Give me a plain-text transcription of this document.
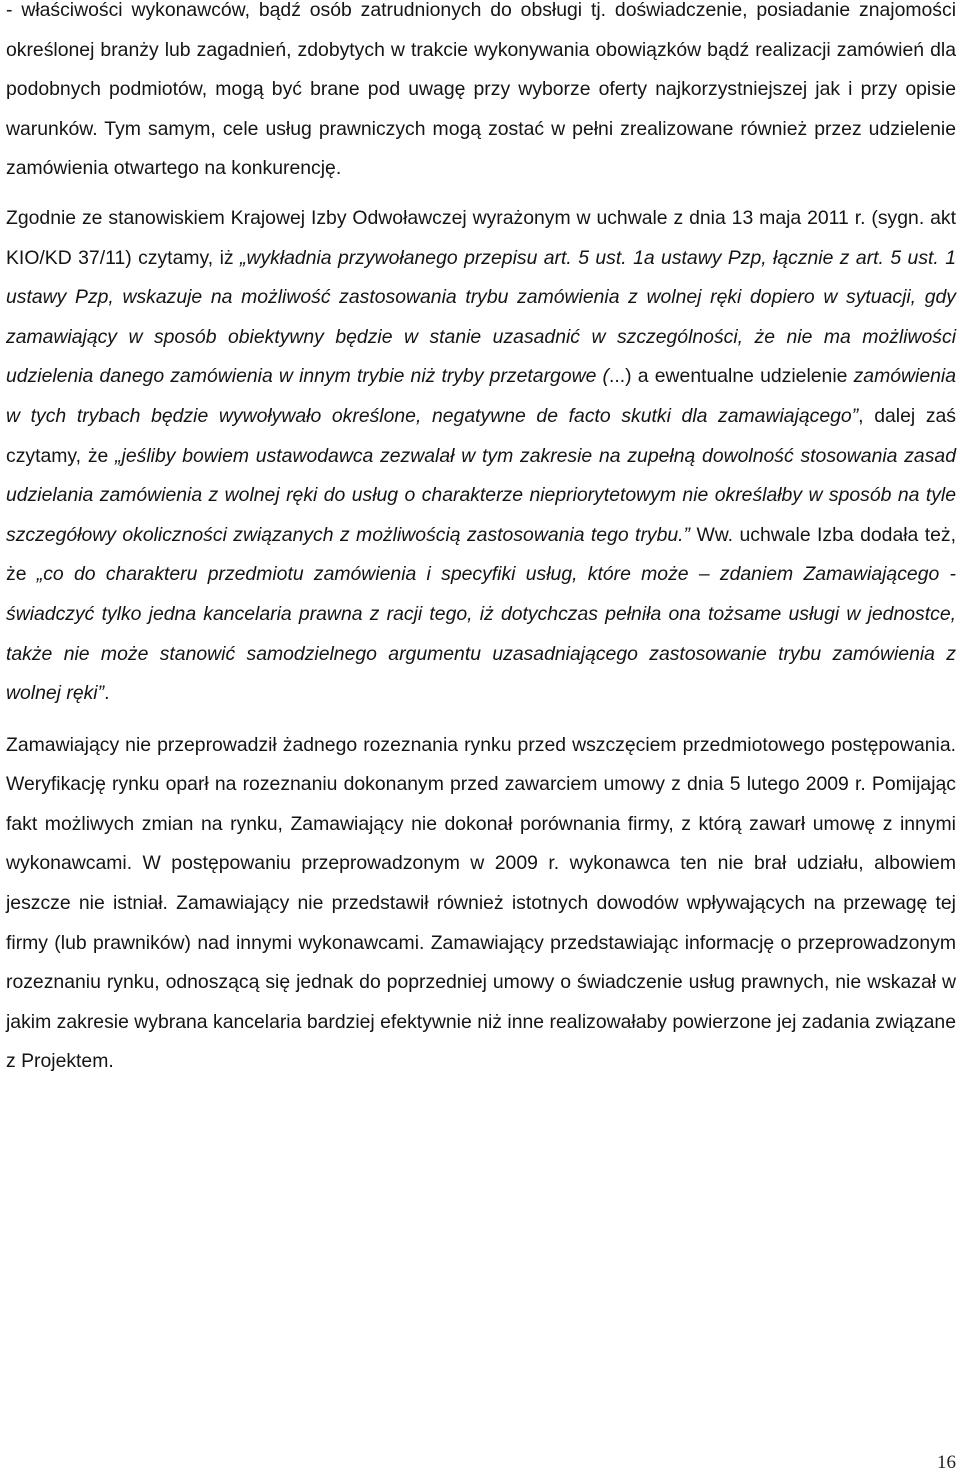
- właściwości wykonawców, bądź osób zatrudnionych do obsługi tj. doświadczenie, posiadanie znajomości określonej branży lub zagadnień, zdobytych w trakcie wykonywania obowiązków bądź realizacji zamówień dla podobnych podmiotów, mogą być brane pod uwagę przy wyborze oferty najkorzystniejszej jak i przy opisie warunków. Tym samym, cele usług prawniczych mogą zostać w pełni zrealizowane również przez udzielenie zamówienia otwartego na konkurencję.

Zgodnie ze stanowiskiem Krajowej Izby Odwoławczej wyrażonym w uchwale z dnia 13 maja 2011 r. (sygn. akt KIO/KD 37/11) czytamy, iż „wykładnia przywołanego przepisu art. 5 ust. 1a ustawy Pzp, łącznie z art. 5 ust. 1 ustawy Pzp, wskazuje na możliwość zastosowania trybu zamówienia z wolnej ręki dopiero w sytuacji, gdy zamawiający w sposób obiektywny będzie w stanie uzasadnić w szczególności, że nie ma możliwości udzielenia danego zamówienia w innym trybie niż tryby przetargowe (...) a ewentualne udzielenie zamówienia w tych trybach będzie wywoływało określone, negatywne de facto skutki dla zamawiającego”, dalej zaś czytamy, że „jeśliby bowiem ustawodawca zezwalał w tym zakresie na zupełną dowolność stosowania zasad udzielania zamówienia z wolnej ręki do usług o charakterze niepriorytetowym nie określałby w sposób na tyle szczegółowy okoliczności związanych z możliwością zastosowania tego trybu.” Ww. uchwale Izba dodała też, że „co do charakteru przedmiotu zamówienia i specyfiki usług, które może – zdaniem Zamawiającego - świadczyć tylko jedna kancelaria prawna z racji tego, iż dotychczas pełniła ona tożsame usługi w jednostce, także nie może stanowić samodzielnego argumentu uzasadniającego zastosowanie trybu zamówienia z wolnej ręki”.

Zamawiający nie przeprowadził żadnego rozeznania rynku przed wszczęciem przedmiotowego postępowania. Weryfikację rynku oparł na rozeznaniu dokonanym przed zawarciem umowy z dnia 5 lutego 2009 r. Pomijając fakt możliwych zmian na rynku, Zamawiający nie dokonał porównania firmy, z którą zawarł umowę z innymi wykonawcami. W postępowaniu przeprowadzonym w 2009 r. wykonawca ten nie brał udziału, albowiem jeszcze nie istniał. Zamawiający nie przedstawił również istotnych dowodów wpływających na przewagę tej firmy (lub prawników) nad innymi wykonawcami. Zamawiający przedstawiając informację o przeprowadzonym rozeznaniu rynku, odnoszącą się jednak do poprzedniej umowy o świadczenie usług prawnych, nie wskazał w jakim zakresie wybrana kancelaria bardziej efektywnie niż inne realizowałaby powierzone jej zadania związane z Projektem.

16
